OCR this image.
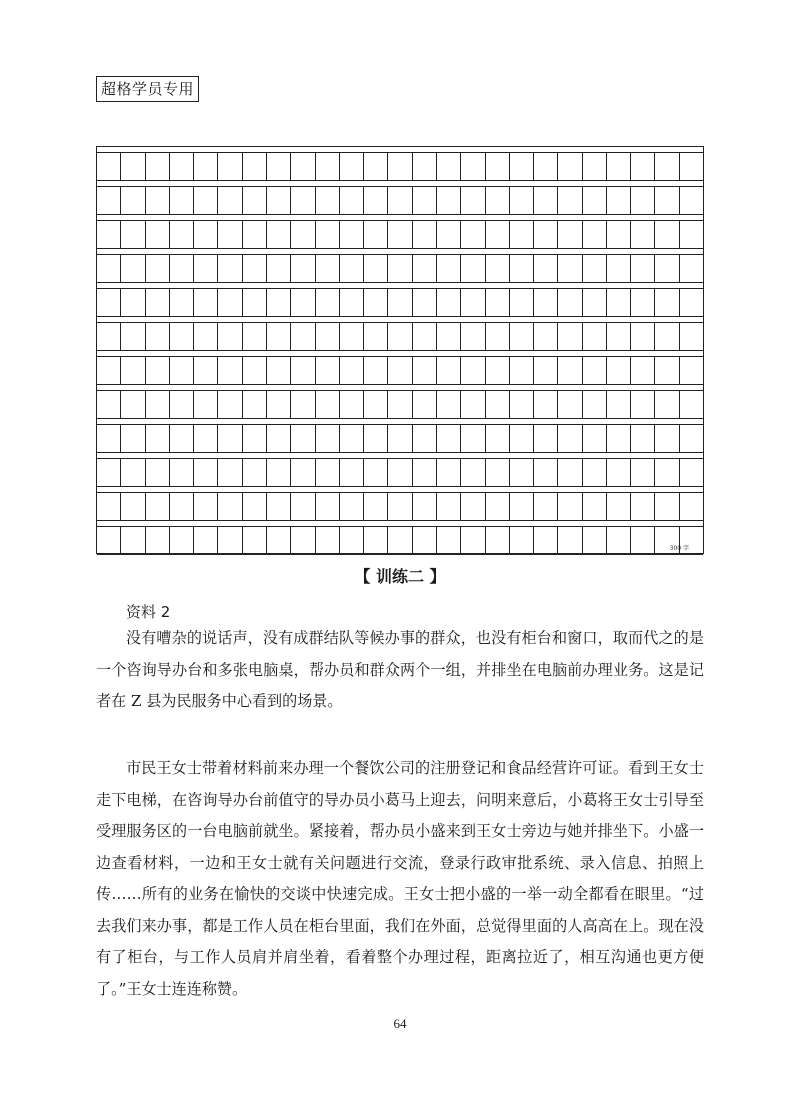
超格学员专用
300 字
【 训练二 】
资料 2

没有嘈杂的说话声，没有成群结队等候办事的群众，也没有柜台和窗口，取而代之的是一个咨询导办台和多张电脑桌，帮办员和群众两个一组，并排坐在电脑前办理业务。这是记者在 Z 县为民服务中心看到的场景。

市民王女士带着材料前来办理一个餐饮公司的注册登记和食品经营许可证。看到王女士走下电梯，在咨询导办台前值守的导办员小葛马上迎去，问明来意后，小葛将王女士引导至受理服务区的一台电脑前就坐。紧接着，帮办员小盛来到王女士旁边与她并排坐下。小盛一边查看材料，一边和王女士就有关问题进行交流，登录行政审批系统、录入信息、拍照上传……所有的业务在愉快的交谈中快速完成。王女士把小盛的一举一动全都看在眼里。“过去我们来办事，都是工作人员在柜台里面，我们在外面，总觉得里面的人高高在上。现在没有了柜台，与工作人员肩并肩坐着，看着整个办理过程，距离拉近了，相互沟通也更方便了。”王女士连连称赞。

64
